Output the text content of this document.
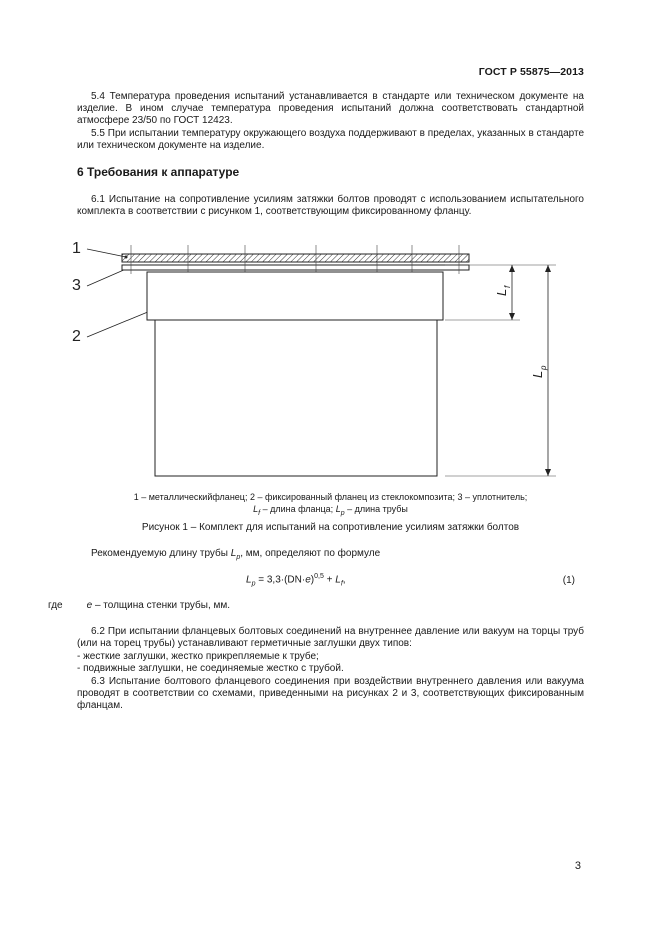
ГОСТ Р 55875—2013
5.4 Температура проведения испытаний устанавливается в стандарте или техническом документе на изделие. В ином случае температура проведения испытаний должна соответствовать стандартной атмосфере 23/50 по ГОСТ 12423.
5.5 При испытании температуру окружающего воздуха поддерживают в пределах, указанных в стандарте или техническом документе на изделие.
6 Требования к аппаратуре
6.1 Испытание на сопротивление усилиям затяжки болтов проводят с использованием испытательного комплекта в соответствии с рисунком 1, соответствующим фиксированному фланцу.
1
3
2
L
f
L
p
1 – металлическийфланец; 2 – фиксированный фланец из стеклокомпозита; 3 – уплотнитель;
$L_f$ – длина фланца; $L_p$ – длина трубы
Рисунок 1 – Комплект для испытаний на сопротивление усилиям затяжки болтов
Рекомендуемую длину трубы $L_p$, мм, определяют по формуле
$L_p = 3,3\cdot(DN\cdot e)^{0,5} + L_f$,	(1)
где e – толщина стенки трубы, мм.
6.2 При испытании фланцевых болтовых соединений на внутреннее давление или вакуум на торцы труб (или на торец трубы) устанавливают герметичные заглушки двух типов:
- жесткие заглушки, жестко прикрепляемые к трубе;
- подвижные заглушки, не соединяемые жестко с трубой.
6.3 Испытание болтового фланцевого соединения при воздействии внутреннего давления или вакуума проводят в соответствии со схемами, приведенными на рисунках 2 и 3, соответствующих фиксированным фланцам.
3
